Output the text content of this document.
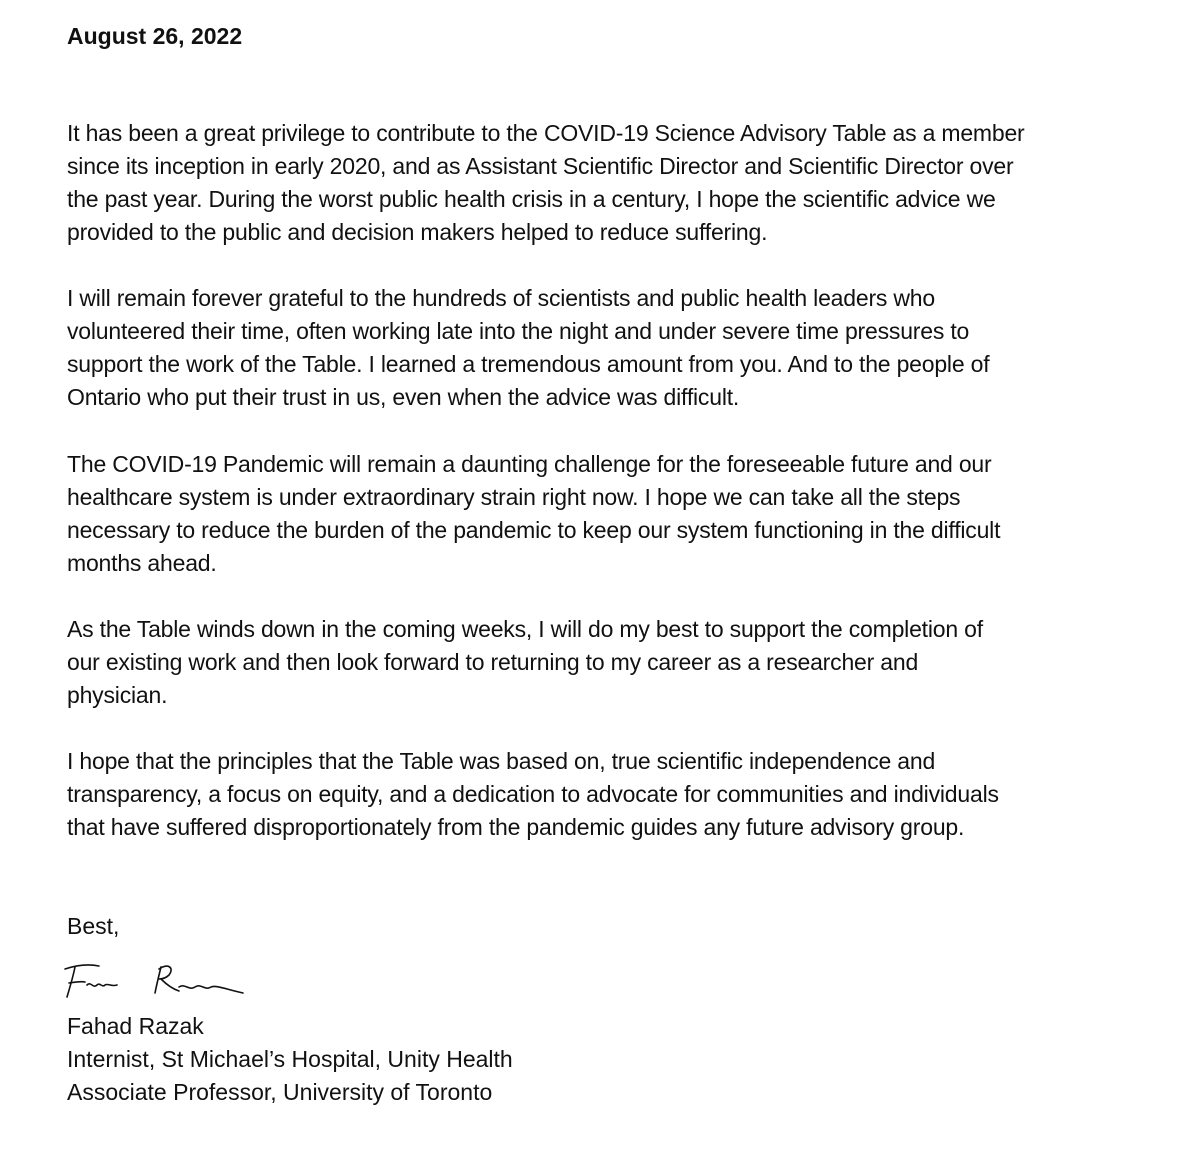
August 26, 2022
It has been a great privilege to contribute to the COVID-19 Science Advisory Table as a member
since its inception in early 2020, and as Assistant Scientific Director and Scientific Director over
the past year. During the worst public health crisis in a century, I hope the scientific advice we
provided to the public and decision makers helped to reduce suffering.
I will remain forever grateful to the hundreds of scientists and public health leaders who
volunteered their time, often working late into the night and under severe time pressures to
support the work of the Table. I learned a tremendous amount from you. And to the people of
Ontario who put their trust in us, even when the advice was difficult.
The COVID-19 Pandemic will remain a daunting challenge for the foreseeable future and our
healthcare system is under extraordinary strain right now. I hope we can take all the steps
necessary to reduce the burden of the pandemic to keep our system functioning in the difficult
months ahead.
As the Table winds down in the coming weeks, I will do my best to support the completion of
our existing work and then look forward to returning to my career as a researcher and
physician.
I hope that the principles that the Table was based on, true scientific independence and
transparency, a focus on equity, and a dedication to advocate for communities and individuals
that have suffered disproportionately from the pandemic guides any future advisory group.
Best,
Fahad Razak
Internist, St Michael’s Hospital, Unity Health
Associate Professor, University of Toronto
